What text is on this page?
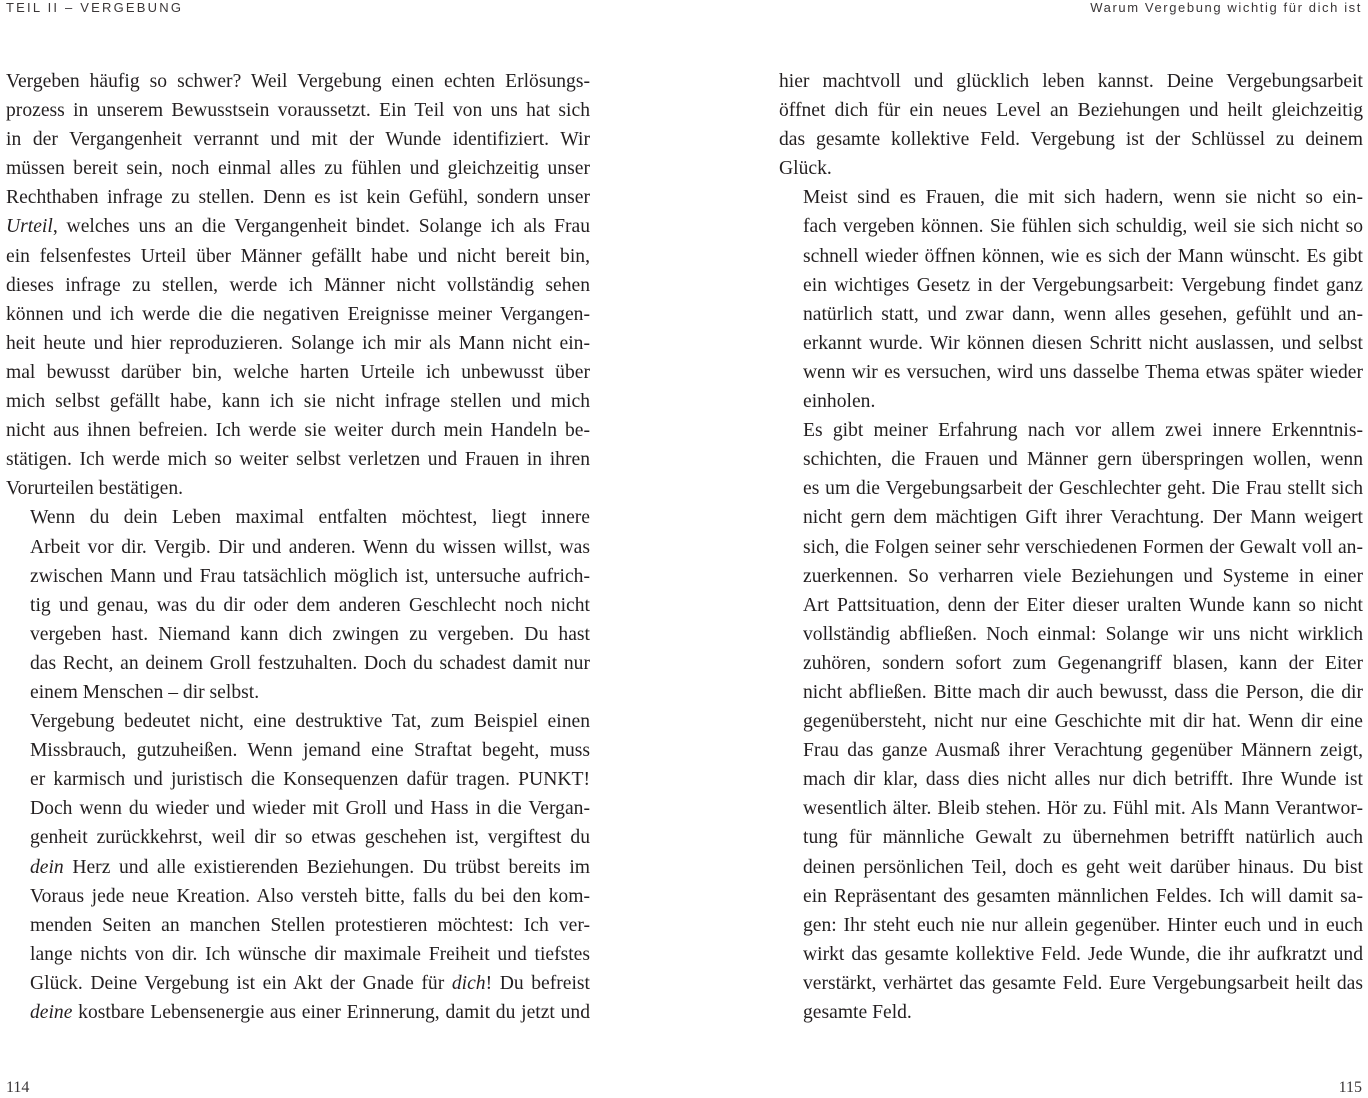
TEIL II – VERGEBUNG	Warum Vergebung wichtig für dich ist

Vergeben häufig so schwer? Weil Vergebung einen echten Erlösungs-
prozess in unserem Bewusstsein voraussetzt. Ein Teil von uns hat sich
in der Vergangenheit verrannt und mit der Wunde identifiziert. Wir
müssen bereit sein, noch einmal alles zu fühlen und gleichzeitig unser
Rechthaben infrage zu stellen. Denn es ist kein Gefühl, sondern unser
Urteil, welches uns an die Vergangenheit bindet. Solange ich als Frau
ein felsenfestes Urteil über Männer gefällt habe und nicht bereit bin,
dieses infrage zu stellen, werde ich Männer nicht vollständig sehen
können und ich werde die die negativen Ereignisse meiner Vergangen-
heit heute und hier reproduzieren. Solange ich mir als Mann nicht ein-
mal bewusst darüber bin, welche harten Urteile ich unbewusst über
mich selbst gefällt habe, kann ich sie nicht infrage stellen und mich
nicht aus ihnen befreien. Ich werde sie weiter durch mein Handeln be-
stätigen. Ich werde mich so weiter selbst verletzen und Frauen in ihren
Vorurteilen bestätigen.

Wenn du dein Leben maximal entfalten möchtest, liegt innere
Arbeit vor dir. Vergib. Dir und anderen. Wenn du wissen willst, was
zwischen Mann und Frau tatsächlich möglich ist, untersuche aufrich-
tig und genau, was du dir oder dem anderen Geschlecht noch nicht
vergeben hast. Niemand kann dich zwingen zu vergeben. Du hast
das Recht, an deinem Groll festzuhalten. Doch du schadest damit nur
einem Menschen – dir selbst.

Vergebung bedeutet nicht, eine destruktive Tat, zum Beispiel einen
Missbrauch, gutzuheißen. Wenn jemand eine Straftat begeht, muss
er karmisch und juristisch die Konsequenzen dafür tragen. PUNKT!
Doch wenn du wieder und wieder mit Groll und Hass in die Vergan-
genheit zurückkehrst, weil dir so etwas geschehen ist, vergiftest du
dein Herz und alle existierenden Beziehungen. Du trübst bereits im
Voraus jede neue Kreation. Also versteh bitte, falls du bei den kom-
menden Seiten an manchen Stellen protestieren möchtest: Ich ver-
lange nichts von dir. Ich wünsche dir maximale Freiheit und tiefstes
Glück. Deine Vergebung ist ein Akt der Gnade für dich! Du befreist
deine kostbare Lebensenergie aus einer Erinnerung, damit du jetzt und

hier machtvoll und glücklich leben kannst. Deine Vergebungsarbeit
öffnet dich für ein neues Level an Beziehungen und heilt gleichzeitig
das gesamte kollektive Feld. Vergebung ist der Schlüssel zu deinem
Glück.

Meist sind es Frauen, die mit sich hadern, wenn sie nicht so ein-
fach vergeben können. Sie fühlen sich schuldig, weil sie sich nicht so
schnell wieder öffnen können, wie es sich der Mann wünscht. Es gibt
ein wichtiges Gesetz in der Vergebungsarbeit: Vergebung findet ganz
natürlich statt, und zwar dann, wenn alles gesehen, gefühlt und an-
erkannt wurde. Wir können diesen Schritt nicht auslassen, und selbst
wenn wir es versuchen, wird uns dasselbe Thema etwas später wieder
einholen.

Es gibt meiner Erfahrung nach vor allem zwei innere Erkenntnis-
schichten, die Frauen und Männer gern überspringen wollen, wenn
es um die Vergebungsarbeit der Geschlechter geht. Die Frau stellt sich
nicht gern dem mächtigen Gift ihrer Verachtung. Der Mann weigert
sich, die Folgen seiner sehr verschiedenen Formen der Gewalt voll an-
zuerkennen. So verharren viele Beziehungen und Systeme in einer
Art Pattsituation, denn der Eiter dieser uralten Wunde kann so nicht
vollständig abfließen. Noch einmal: Solange wir uns nicht wirklich
zuhören, sondern sofort zum Gegenangriff blasen, kann der Eiter
nicht abfließen. Bitte mach dir auch bewusst, dass die Person, die dir
gegenübersteht, nicht nur eine Geschichte mit dir hat. Wenn dir eine
Frau das ganze Ausmaß ihrer Verachtung gegenüber Männern zeigt,
mach dir klar, dass dies nicht alles nur dich betrifft. Ihre Wunde ist
wesentlich älter. Bleib stehen. Hör zu. Fühl mit. Als Mann Verantwor-
tung für männliche Gewalt zu übernehmen betrifft natürlich auch
deinen persönlichen Teil, doch es geht weit darüber hinaus. Du bist
ein Repräsentant des gesamten männlichen Feldes. Ich will damit sa-
gen: Ihr steht euch nie nur allein gegenüber. Hinter euch und in euch
wirkt das gesamte kollektive Feld. Jede Wunde, die ihr aufkratzt und
verstärkt, verhärtet das gesamte Feld. Eure Vergebungsarbeit heilt das
gesamte Feld.

114	115
